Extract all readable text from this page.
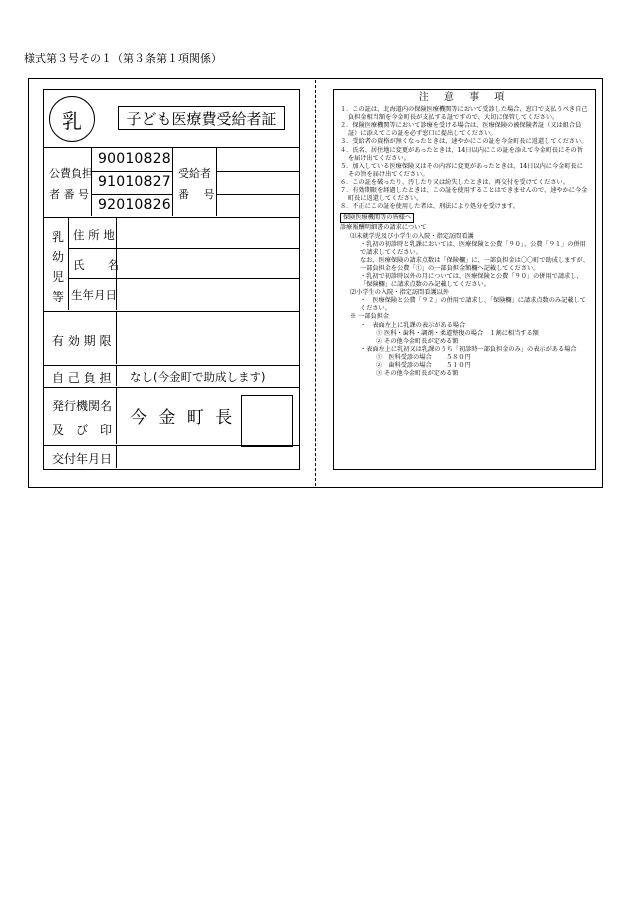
様式第３号その１（第３条第１項関係）
乳	子ども医療費受給者証
公費負担
者 番 号
90010828
91010827
92010826
受給者
番　 号
乳
幼
児
等
住 所 地
氏　　名
生年月日
有 効 期 限
自 己 負 担 なし(今金町で助成します)
発行機関名
及　び　印
今 金 町 長
交付年月日
注 意 事 項
１．この証は、北海道内の保険医療機関等において受診した場合、窓口で支払うべき自己負担金相当額を今金町長が支払する証ですので、大切に保管してください。
２．保険医療機関等において診療を受ける場合は、医療保険の被保険者証（又は組合員証）に添えてこの証を必ず窓口に提出してください。
３．受給者の資格が無くなったときは、速やかにこの証を今金町長に返還してください。
４．氏名、居住地に変更があったときは、14日以内にこの証を添えて今金町長にその旨を届け出てください。
５．加入している医療保険又はその内容に変更があったときは、14日以内に今金町長にその旨を届け出てください。
６．この証を破ったり、汚したり又は紛失したときは、再交付を受けてください。
７．有効期限を経過したときは、この証を使用することはできませんので、速やかに今金町長に返還してください。
８．不正にこの証を使用した者は、刑法により処分を受けます。
保険医療機関等の皆様へ
診療報酬明細書の請求について
⑴未就学児及び小学生の入院・指定訪問看護
・乳初の初診時と乳課においては、医療保険と公費「９０」、公費「９１」の併用で請求してください。
なお、医療保険の請求点数は「保険欄」に、一部負担金は〇〇町で助成しますが、一部負担金を公費「①」の一部負担金額欄へ記載してください。
・乳初で初診時以外の月については、医療保険と公費「９０」の併用で請求し、「保険欄」に請求点数のみ記載してください。
⑵小学生の入院・指定訪問看護以外
・　医療保険と公費「９２」の併用で請求し、「保険欄」に請求点数のみ記載してください。
※ 一部負担金
・　表面左上に乳課の表示がある場合
① 医科・歯科・調剤・柔道整復の場合　１割に相当する額
② その他今金町長が定める額
・表面左上に乳初又は乳課のうち「初診時一部負担金のみ」の表示がある場合
①　医科受診の場合 ５８０円
②　歯科受診の場合 ５１０円
③ その他今金町長が定める額
